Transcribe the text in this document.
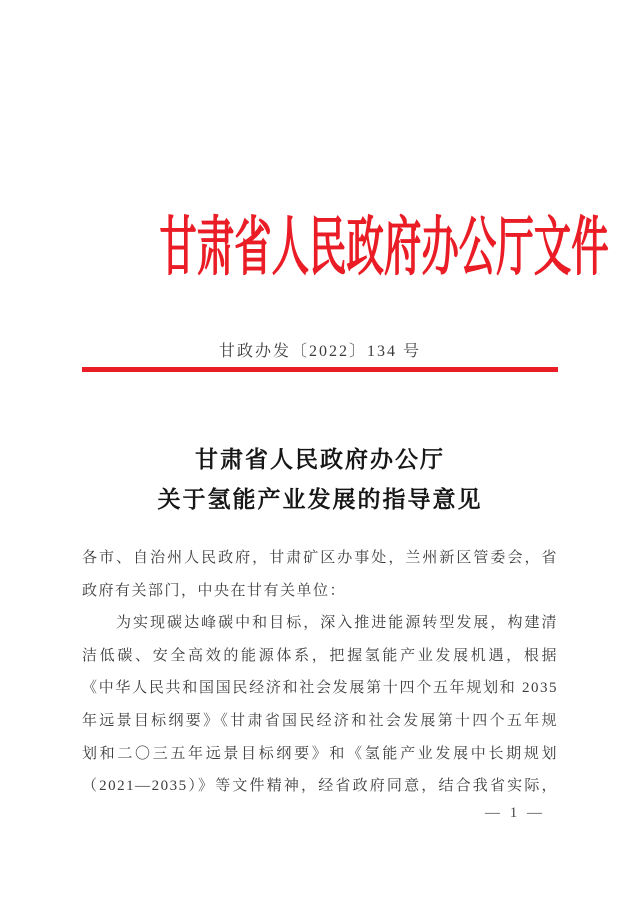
甘肃省人民政府办公厅文件
甘政办发〔2022〕134 号
甘肃省人民政府办公厅
关于氢能产业发展的指导意见
各市、自治州人民政府，甘肃矿区办事处，兰州新区管委会，省
政府有关部门，中央在甘有关单位：
为实现碳达峰碳中和目标，深入推进能源转型发展，构建清
洁低碳、安全高效的能源体系，把握氢能产业发展机遇，根据
《中华人民共和国国民经济和社会发展第十四个五年规划和 2035
年远景目标纲要》《甘肃省国民经济和社会发展第十四个五年规
划和二〇三五年远景目标纲要》和《氢能产业发展中长期规划
（2021—2035）》等文件精神，经省政府同意，结合我省实际，
— 1 —
